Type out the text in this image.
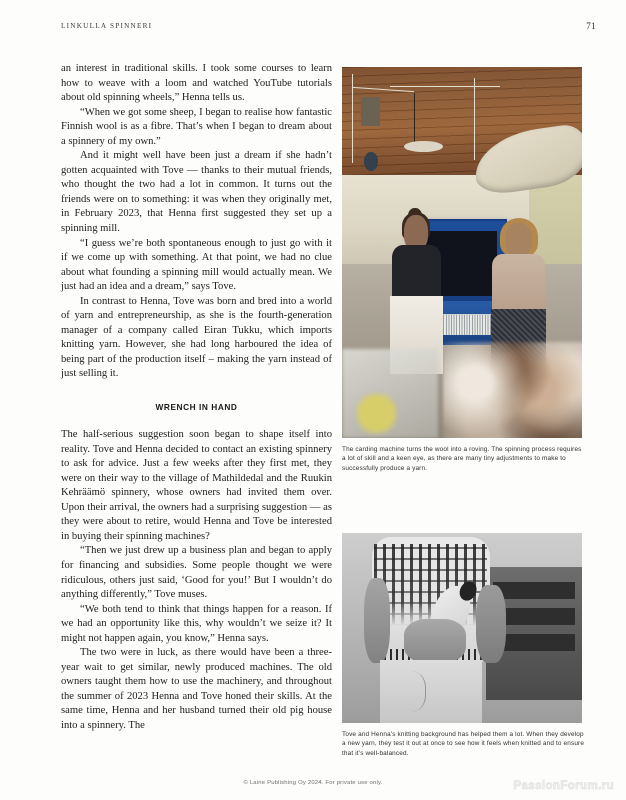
LINKULLA SPINNERI	71

an interest in traditional skills. I took some courses to learn how to weave with a loom and watched YouTube tutorials about old spinning wheels,” Henna tells us.

“When we got some sheep, I began to realise how fantastic Finnish wool is as a fibre. That’s when I began to dream about a spinnery of my own.”

And it might well have been just a dream if she hadn’t gotten acquainted with Tove — thanks to their mutual friends, who thought the two had a lot in common. It turns out the friends were on to something: it was when they originally met, in February 2023, that Henna first suggested they set up a spinning mill.

“I guess we’re both spontaneous enough to just go with it if we come up with something. At that point, we had no clue about what founding a spinning mill would actually mean. We just had an idea and a dream,” says Tove.

In contrast to Henna, Tove was born and bred into a world of yarn and entrepreneurship, as she is the fourth-generation manager of a company called Eiran Tukku, which imports knitting yarn. However, she had long harboured the idea of being part of the production itself – making the yarn instead of just selling it.

WRENCH IN HAND

The half-serious suggestion soon began to shape itself into reality. Tove and Henna decided to contact an existing spinnery to ask for advice. Just a few weeks after they first met, they were on their way to the village of Mathildedal and the Ruukin Kehräämö spinnery, whose owners had invited them over. Upon their arrival, the owners had a surprising suggestion — as they were about to retire, would Henna and Tove be interested in buying their spinning machines?

“Then we just drew up a business plan and began to apply for financing and subsidies. Some people thought we were ridiculous, others just said, ‘Good for you!’ But I wouldn’t do anything differently,” Tove muses.

“We both tend to think that things happen for a reason. If we had an opportunity like this, why wouldn’t we seize it? It might not happen again, you know,” Henna says.

The two were in luck, as there would have been a three-year wait to get similar, newly produced machines. The old owners taught them how to use the machinery, and throughout the summer of 2023 Henna and Tove honed their skills. At the same time, Henna and her husband turned their old pig house into a spinnery. The

The carding machine turns the wool into a roving. The spinning process requires a lot of skill and a keen eye, as there are many tiny adjustments to make to successfully produce a yarn.
Tove and Henna’s knitting background has helped them a lot. When they develop a new yarn, they test it out at once to see how it feels when knitted and to ensure that it’s well-balanced.
© Laine Publishing Oy 2024. For private use only.	PassionForum.ru
